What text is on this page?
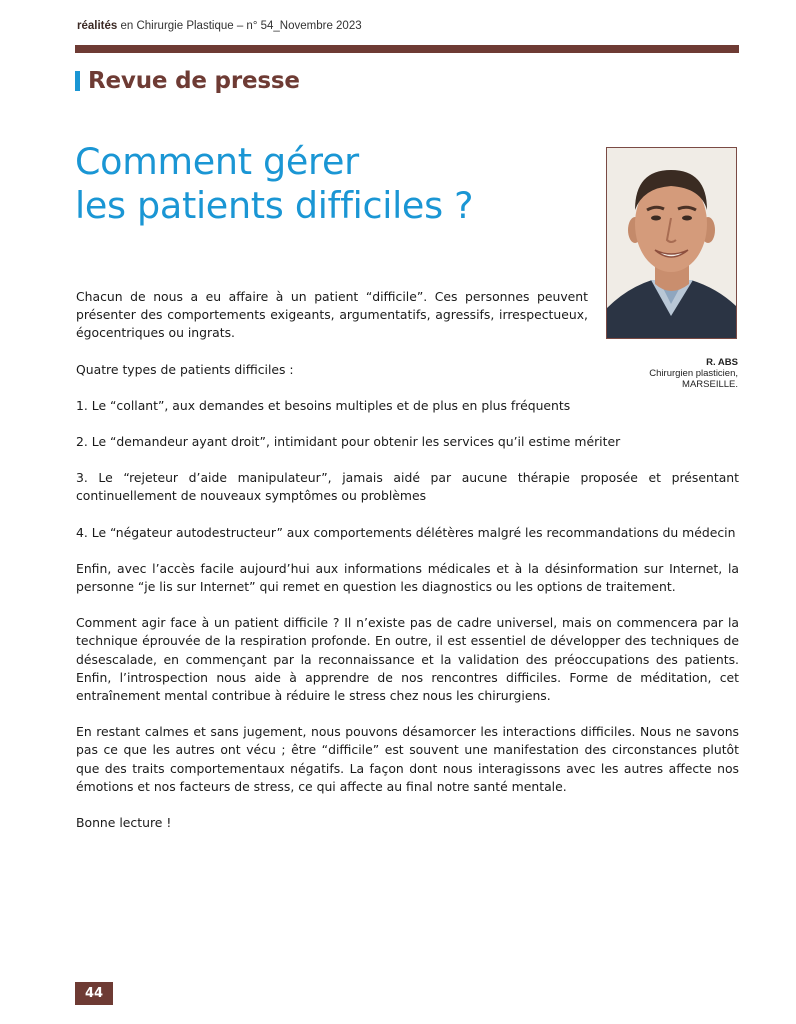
réalités en Chirurgie Plastique – n° 54_Novembre 2023
Revue de presse
Comment gérer
les patients difficiles ?
R. ABS
Chirurgien plasticien,
MARSEILLE.

Chacun de nous a eu affaire à un patient “difficile”. Ces personnes peuvent présenter des comportements exigeants, argumentatifs, agressifs, irrespectueux, égocentriques ou ingrats.

Quatre types de patients difficiles :

1. Le “collant”, aux demandes et besoins multiples et de plus en plus fréquents

2. Le “demandeur ayant droit”, intimidant pour obtenir les services qu’il estime mériter

3. Le “rejeteur d’aide manipulateur”, jamais aidé par aucune thérapie proposée et présentant continuellement de nouveaux symptômes ou problèmes

4. Le “négateur autodestructeur” aux comportements délétères malgré les recommandations du médecin

Enfin, avec l’accès facile aujourd’hui aux informations médicales et à la désinformation sur Internet, la personne “je lis sur Internet” qui remet en question les diagnostics ou les options de traitement.

Comment agir face à un patient difficile ? Il n’existe pas de cadre universel, mais on commencera par la technique éprouvée de la respiration profonde. En outre, il est essentiel de développer des techniques de désescalade, en commençant par la reconnaissance et la validation des préoccupations des patients. Enfin, l’introspection nous aide à apprendre de nos rencontres difficiles. Forme de méditation, cet entraînement mental contribue à réduire le stress chez nous les chirurgiens.

En restant calmes et sans jugement, nous pouvons désamorcer les interactions difficiles. Nous ne savons pas ce que les autres ont vécu ; être “difficile” est souvent une manifestation des circonstances plutôt que des traits comportementaux négatifs. La façon dont nous interagissons avec les autres affecte nos émotions et nos facteurs de stress, ce qui affecte au final notre santé mentale.

Bonne lecture !

44
